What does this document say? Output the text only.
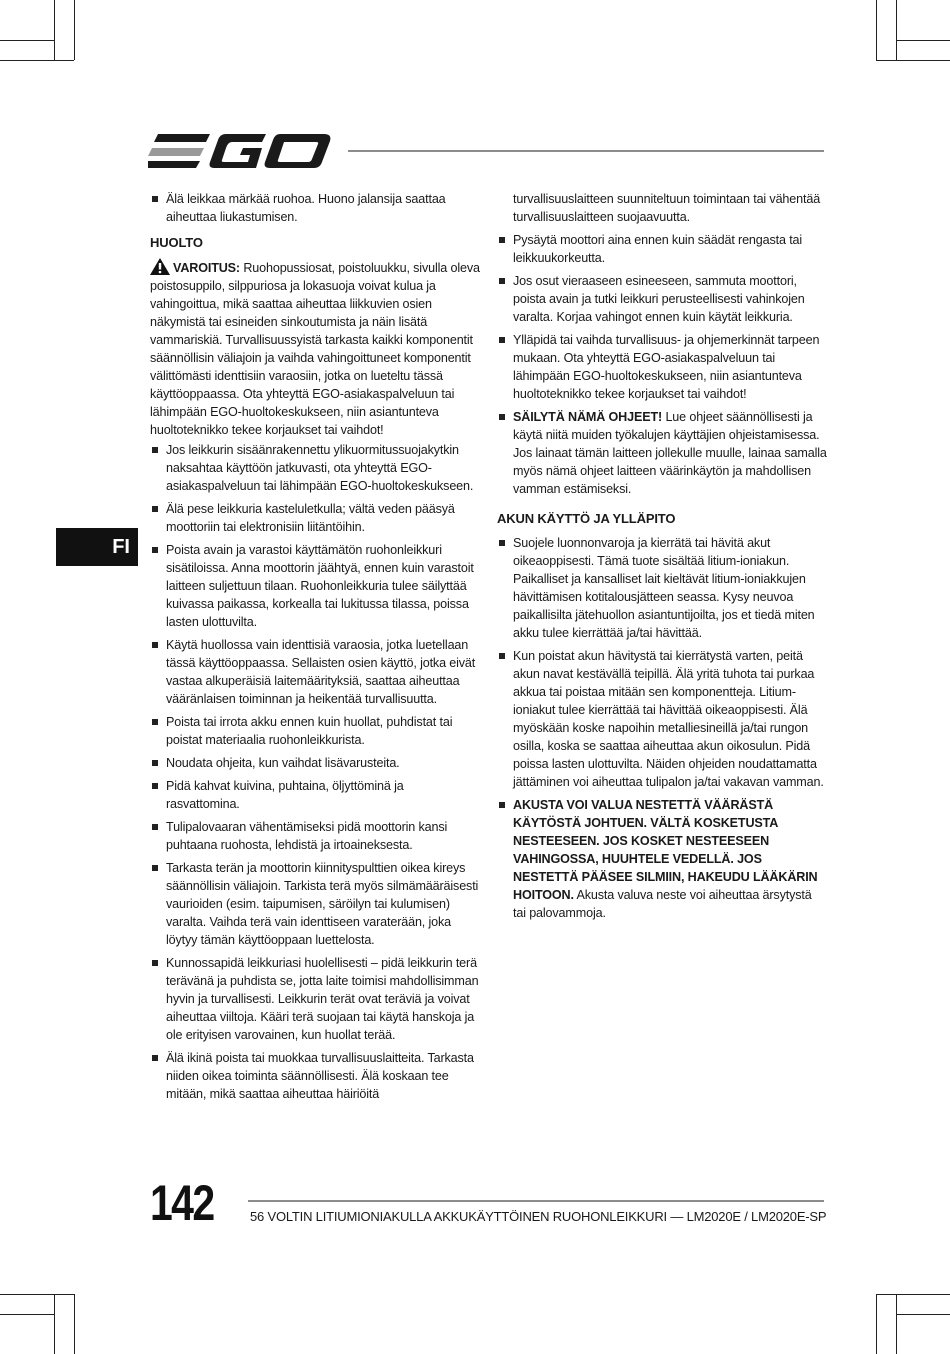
FI
Älä leikkaa märkää ruohoa. Huono jalansija saattaa aiheuttaa liukastumisen.
HUOLTO
VAROITUS: Ruohopussiosat, poistoluukku, sivulla oleva poistosuppilo, silppuriosa ja lokasuoja voivat kulua ja vahingoittua, mikä saattaa aiheuttaa liikkuvien osien näkymistä tai esineiden sinkoutumista ja näin lisätä vammariskiä. Turvallisuussyistä tarkasta kaikki komponentit säännöllisin väliajoin ja vaihda vahingoittuneet komponentit välittömästi identtisiin varaosiin, jotka on lueteltu tässä käyttöoppaassa. Ota yhteyttä EGO-asiakaspalveluun tai lähimpään EGO-huoltokeskukseen, niin asiantunteva huoltoteknikko tekee korjaukset tai vaihdot!
Jos leikkurin sisäänrakennettu ylikuormitussuojakytkin naksahtaa käyttöön jatkuvasti, ota yhteyttä EGO-asiakaspalveluun tai lähimpään EGO-huoltokeskukseen.
Älä pese leikkuria kasteluletkulla; vältä veden pääsyä moottoriin tai elektronisiin liitäntöihin.
Poista avain ja varastoi käyttämätön ruohonleikkuri sisätiloissa. Anna moottorin jäähtyä, ennen kuin varastoit laitteen suljettuun tilaan. Ruohonleikkuria tulee säilyttää kuivassa paikassa, korkealla tai lukitussa tilassa, poissa lasten ulottuvilta.
Käytä huollossa vain identtisiä varaosia, jotka luetellaan tässä käyttöoppaassa. Sellaisten osien käyttö, jotka eivät vastaa alkuperäisiä laitemäärityksiä, saattaa aiheuttaa vääränlaisen toiminnan ja heikentää turvallisuutta.
Poista tai irrota akku ennen kuin huollat, puhdistat tai poistat materiaalia ruohonleikkurista.
Noudata ohjeita, kun vaihdat lisävarusteita.
Pidä kahvat kuivina, puhtaina, öljyttöminä ja rasvattomina.
Tulipalovaaran vähentämiseksi pidä moottorin kansi puhtaana ruohosta, lehdistä ja irtoaineksesta.
Tarkasta terän ja moottorin kiinnityspulttien oikea kireys säännöllisin väliajoin. Tarkista terä myös silmämääräisesti vaurioiden (esim. taipumisen, säröilyn tai kulumisen) varalta. Vaihda terä vain identtiseen varaterään, joka löytyy tämän käyttöoppaan luettelosta.
Kunnossapidä leikkuriasi huolellisesti – pidä leikkurin terä terävänä ja puhdista se, jotta laite toimisi mahdollisimman hyvin ja turvallisesti. Leikkurin terät ovat teräviä ja voivat aiheuttaa viiltoja. Kääri terä suojaan tai käytä hanskoja ja ole erityisen varovainen, kun huollat terää.
Älä ikinä poista tai muokkaa turvallisuuslaitteita. Tarkasta niiden oikea toiminta säännöllisesti. Älä koskaan tee mitään, mikä saattaa aiheuttaa häiriöitä
turvallisuuslaitteen suunniteltuun toimintaan tai vähentää turvallisuuslaitteen suojaavuutta.
Pysäytä moottori aina ennen kuin säädät rengasta tai leikkuukorkeutta.
Jos osut vieraaseen esineeseen, sammuta moottori, poista avain ja tutki leikkuri perusteellisesti vahinkojen varalta. Korjaa vahingot ennen kuin käytät leikkuria.
Ylläpidä tai vaihda turvallisuus- ja ohjemerkinnät tarpeen mukaan. Ota yhteyttä EGO-asiakaspalveluun tai lähimpään EGO-huoltokeskukseen, niin asiantunteva huoltoteknikko tekee korjaukset tai vaihdot!
SÄILYTÄ NÄMÄ OHJEET! Lue ohjeet säännöllisesti ja käytä niitä muiden työkalujen käyttäjien ohjeistamisessa. Jos lainaat tämän laitteen jollekulle muulle, lainaa samalla myös nämä ohjeet laitteen väärinkäytön ja mahdollisen vamman estämiseksi.
AKUN KÄYTTÖ JA YLLÄPITO
Suojele luonnonvaroja ja kierrätä tai hävitä akut oikeaoppisesti. Tämä tuote sisältää litium-ioniakun. Paikalliset ja kansalliset lait kieltävät litium-ioniakkujen hävittämisen kotitalousjätteen seassa. Kysy neuvoa paikallisilta jätehuollon asiantuntijoilta, jos et tiedä miten akku tulee kierrättää ja/tai hävittää.
Kun poistat akun hävitystä tai kierrätystä varten, peitä akun navat kestävällä teipillä. Älä yritä tuhota tai purkaa akkua tai poistaa mitään sen komponentteja. Litium-ioniakut tulee kierrättää tai hävittää oikeaoppisesti. Älä myöskään koske napoihin metalliesineillä ja/tai rungon osilla, koska se saattaa aiheuttaa akun oikosulun. Pidä poissa lasten ulottuvilta. Näiden ohjeiden noudattamatta jättäminen voi aiheuttaa tulipalon ja/tai vakavan vamman.
AKUSTA VOI VALUA NESTETTÄ VÄÄRÄSTÄ KÄYTÖSTÄ JOHTUEN. VÄLTÄ KOSKETUSTA NESTEESEEN. JOS KOSKET NESTEESEEN VAHINGOSSA, HUUHTELE VEDELLÄ. JOS NESTETTÄ PÄÄSEE SILMIIN, HAKEUDU LÄÄKÄRIN HOITOON. Akusta valuva neste voi aiheuttaa ärsytystä tai palovammoja.
142	56 VOLTIN LITIUMIONIAKULLA AKKUKÄYTTÖINEN RUOHONLEIKKURI — LM2020E / LM2020E-SP
